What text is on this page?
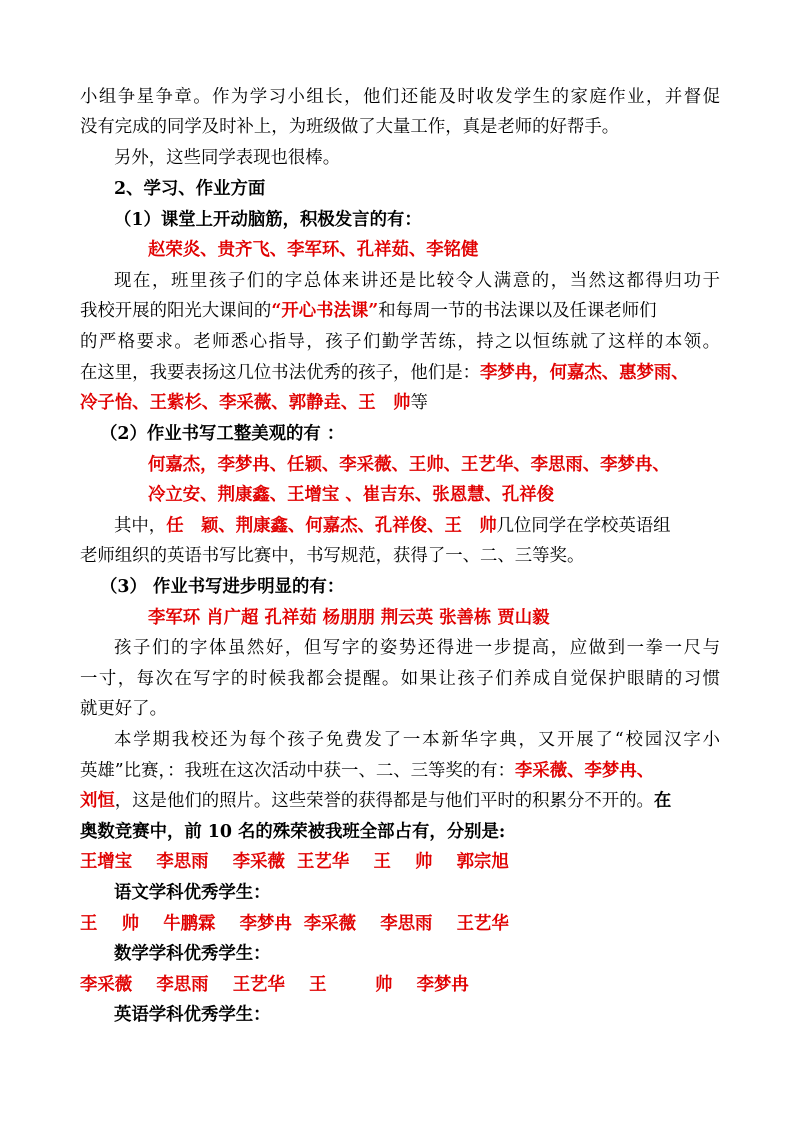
小组争星争章。作为学习小组长，他们还能及时收发学生的家庭作业，并督促
没有完成的同学及时补上，为班级做了大量工作，真是老师的好帮手。
另外，这些同学表现也很棒。
2、学习、作业方面
（1）课堂上开动脑筋，积极发言的有：
赵荣炎、贵齐飞、李军环、孔祥茹、李铭健
现在，班里孩子们的字总体来讲还是比较令人满意的，当然这都得归功于
我校开展的阳光大课间的“开心书法课”和每周一节的书法课以及任课老师们
的严格要求。老师悉心指导，孩子们勤学苦练，持之以恒练就了这样的本领。
在这里，我要表扬这几位书法优秀的孩子，他们是：李梦冉，何嘉杰、惠梦雨、
冷子怡、王紫杉、李采薇、郭静垚、王　帅等
（2）作业书写工整美观的有 ：
何嘉杰，李梦冉、任颖、李采薇、王帅、王艺华、李思雨、李梦冉、
冷立安、荆康鑫、王增宝 、崔吉东、张恩慧、孔祥俊
其中，任　颖、荆康鑫、何嘉杰、孔祥俊、王　帅几位同学在学校英语组
老师组织的英语书写比赛中，书写规范，获得了一、二、三等奖。
（3） 作业书写进步明显的有：
李军环 肖广超 孔祥茹 杨朋朋 荆云英 张善栋 贾山毅
孩子们的字体虽然好，但写字的姿势还得进一步提高，应做到一拳一尺与
一寸，每次在写字的时候我都会提醒。如果让孩子们养成自觉保护眼睛的习惯
就更好了。
本学期我校还为每个孩子免费发了一本新华字典，又开展了“校园汉字小
英雄”比赛，：我班在这次活动中获一、二、三等奖的有：李采薇、李梦冉、
刘恒，这是他们的照片。这些荣誉的获得都是与他们平时的积累分不开的。在
奥数竞赛中，前 10 名的殊荣被我班全部占有，分别是:
王增宝    李思雨    李采薇  王艺华    王    帅    郭宗旭
语文学科优秀学生：
王    帅    牛鹏霖    李梦冉  李采薇    李思雨    王艺华
数学学科优秀学生：
李采薇    李思雨    王艺华    王        帅    李梦冉
英语学科优秀学生：
